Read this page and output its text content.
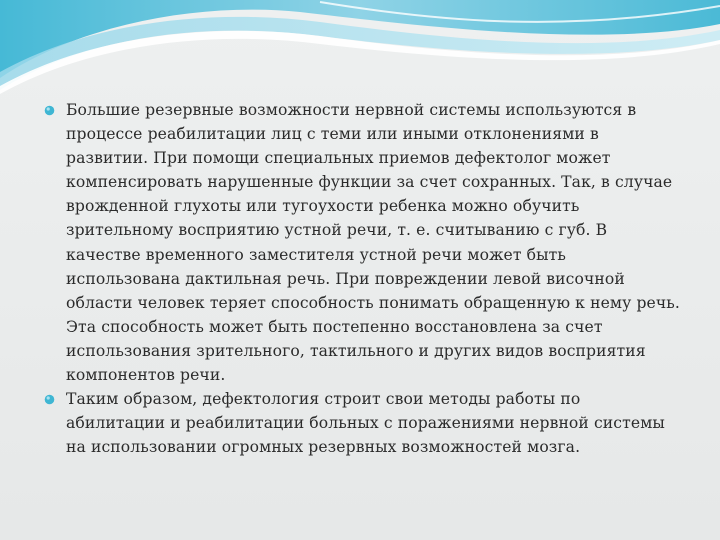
Большие резервные возможности нервной системы используются в процессе реабилитации лиц с теми или иными отклонениями в развитии. При помощи специальных приемов дефектолог может компенсировать нарушенные функции за счет сохранных. Так, в случае врожденной глухоты или тугоухости ребенка можно обучить зрительному восприятию устной речи, т. е. считыванию с губ. В качестве временного заместителя устной речи может быть использована дактильная речь. При повреждении левой височной области человек теряет способность понимать обращенную к нему речь. Эта способность может быть постепенно восстановлена за счет использования зрительного, тактильного и других видов восприятия компонентов речи.

Таким образом, дефектология строит свои методы работы по абилитации и реабилитации больных с поражениями нервной системы на использовании огромных резервных возможностей мозга.
